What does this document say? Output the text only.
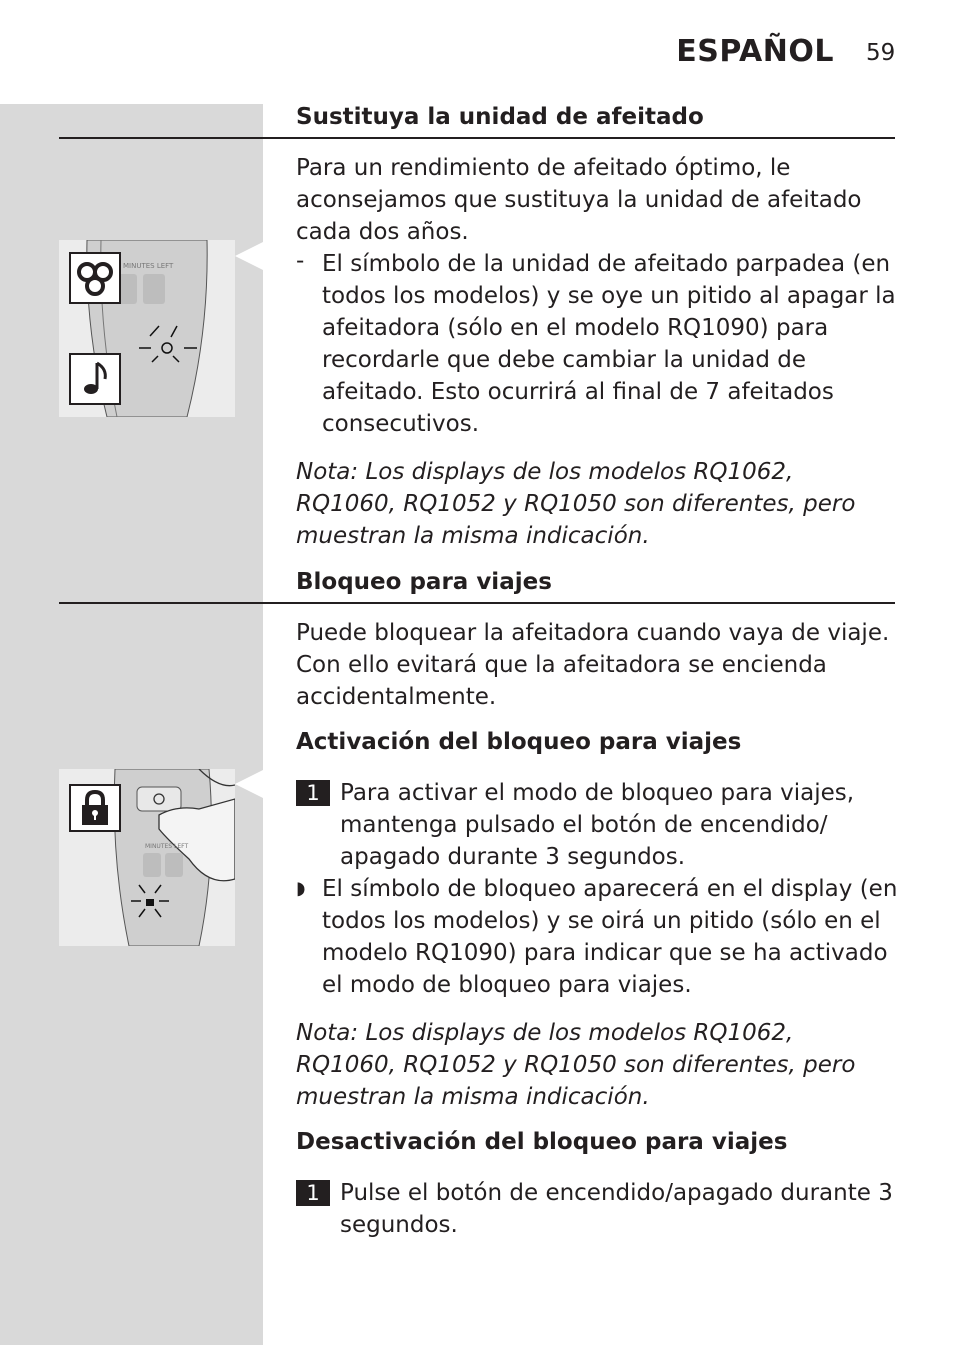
ESPAÑOL 59
Sustituya la unidad de afeitado

Para un rendimiento de afeitado óptimo, le aconsejamos que sustituya la unidad de afeitado cada dos años.

- El símbolo de la unidad de afeitado parpadea (en todos los modelos) y se oye un pitido al apagar la afeitadora (sólo en el modelo RQ1090) para recordarle que debe cambiar la unidad de afeitado. Esto ocurrirá al final de 7 afeitados consecutivos.

Nota: Los displays de los modelos RQ1062, RQ1060, RQ1052 y RQ1050 son diferentes, pero muestran la misma indicación.

MINUTES LEFT
Bloqueo para viajes

Puede bloquear la afeitadora cuando vaya de viaje. Con ello evitará que la afeitadora se encienda accidentalmente.

Activación del bloqueo para viajes
1 Para activar el modo de bloqueo para viajes, mantenga pulsado el botón de encendido/ apagado durante 3 segundos.

◗ El símbolo de bloqueo aparecerá en el display (en todos los modelos) y se oirá un pitido (sólo en el modelo RQ1090) para indicar que se ha activado el modo de bloqueo para viajes.

Nota: Los displays de los modelos RQ1062, RQ1060, RQ1052 y RQ1050 son diferentes, pero muestran la misma indicación.

MINUTES LEFT
Desactivación del bloqueo para viajes
1 Pulse el botón de encendido/apagado durante 3 segundos.
